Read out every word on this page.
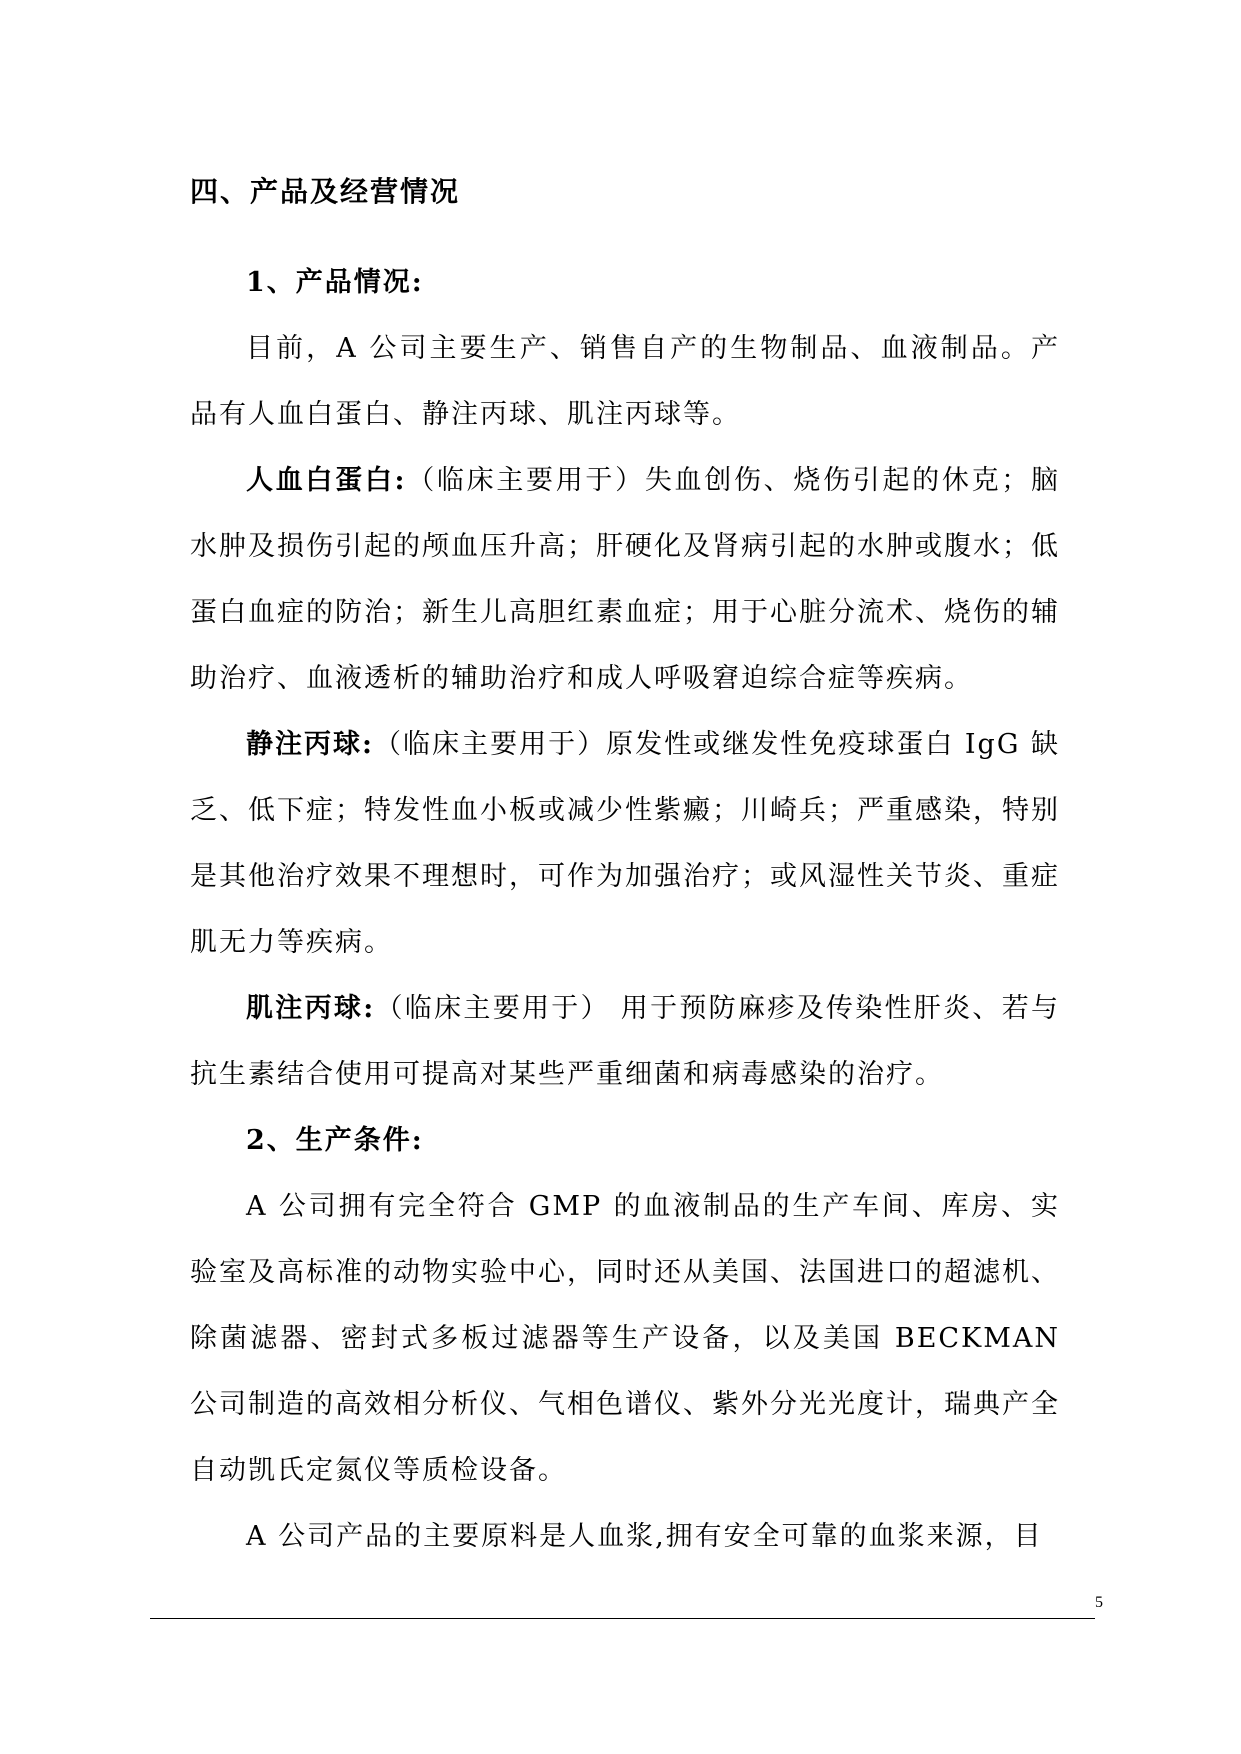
四、产品及经营情况
1、产品情况:

目前，A 公司主要生产、销售自产的生物制品、血液制品。产品有人血白蛋白、静注丙球、肌注丙球等。

人血白蛋白:（临床主要用于）失血创伤、烧伤引起的休克；脑水肿及损伤引起的颅血压升高；肝硬化及肾病引起的水肿或腹水；低蛋白血症的防治；新生儿高胆红素血症；用于心脏分流术、烧伤的辅助治疗、血液透析的辅助治疗和成人呼吸窘迫综合症等疾病。

静注丙球:（临床主要用于）原发性或继发性免疫球蛋白 IgG 缺乏、低下症；特发性血小板或减少性紫癜；川崎兵；严重感染，特别是其他治疗效果不理想时，可作为加强治疗；或风湿性关节炎、重症肌无力等疾病。

肌注丙球:（临床主要用于） 用于预防麻疹及传染性肝炎、若与抗生素结合使用可提高对某些严重细菌和病毒感染的治疗。

2、生产条件:

A 公司拥有完全符合 GMP 的血液制品的生产车间、库房、实验室及高标准的动物实验中心，同时还从美国、法国进口的超滤机、除菌滤器、密封式多板过滤器等生产设备，以及美国 BECKMAN 公司制造的高效相分析仪、气相色谱仪、紫外分光光度计，瑞典产全自动凯氏定氮仪等质检设备。

A 公司产品的主要原料是人血浆,拥有安全可靠的血浆来源，目

5
